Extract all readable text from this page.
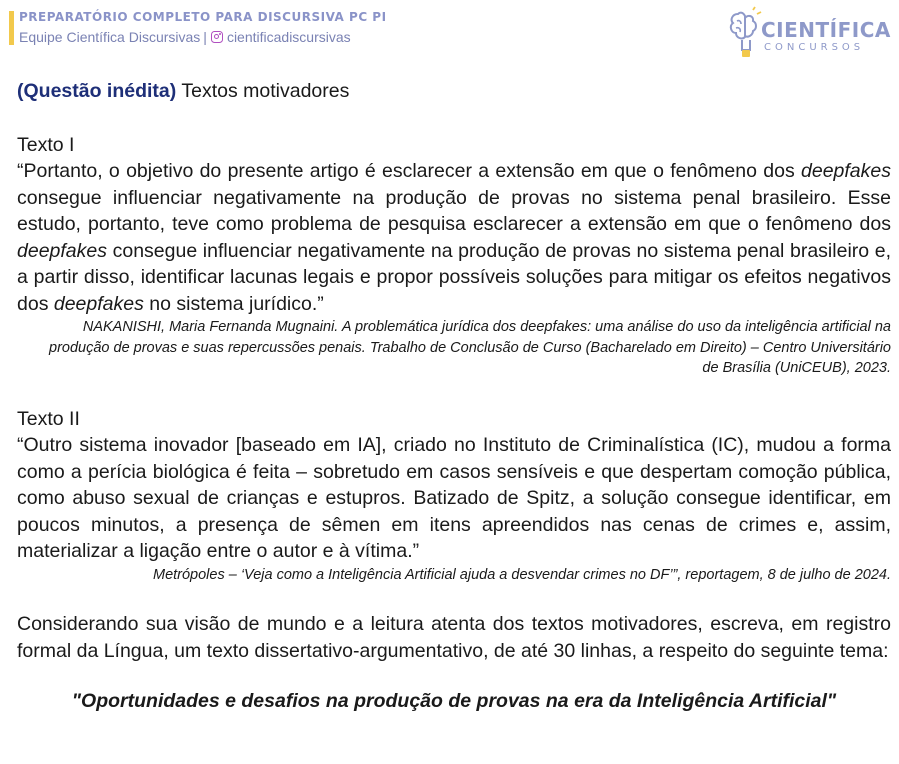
PREPARATÓRIO COMPLETO PARA DISCURSIVA PC PI
Equipe Científica Discursivas | cientificadiscursivas	CIENTÍFICA
CONCURSOS

(Questão inédita) Textos motivadores

Texto I

“Portanto, o objetivo do presente artigo é esclarecer a extensão em que o fenômeno dos deepfakes consegue influenciar negativamente na produção de provas no sistema penal brasileiro. Esse estudo, portanto, teve como problema de pesquisa esclarecer a extensão em que o fenômeno dos deepfakes consegue influenciar negativamente na produção de provas no sistema penal brasileiro e, a partir disso, identificar lacunas legais e propor possíveis soluções para mitigar os efeitos negativos dos deepfakes no sistema jurídico.”

NAKANISHI, Maria Fernanda Mugnaini. A problemática jurídica dos deepfakes: uma análise do uso da inteligência artificial na
produção de provas e suas repercussões penais. Trabalho de Conclusão de Curso (Bacharelado em Direito) – Centro Universitário
de Brasília (UniCEUB), 2023.

Texto II

“Outro sistema inovador [baseado em IA], criado no Instituto de Criminalística (IC), mudou a forma como a perícia biológica é feita – sobretudo em casos sensíveis e que despertam comoção pública, como abuso sexual de crianças e estupros. Batizado de Spitz, a solução consegue identificar, em poucos minutos, a presença de sêmen em itens apreendidos nas cenas de crimes e, assim, materializar a ligação entre o autor e à vítima.”

Metrópoles – ‘Veja como a Inteligência Artificial ajuda a desvendar crimes no DF’”, reportagem, 8 de julho de 2024.

Considerando sua visão de mundo e a leitura atenta dos textos motivadores, escreva, em registro formal da Língua, um texto dissertativo-argumentativo, de até 30 linhas, a respeito do seguinte tema:

"Oportunidades e desafios na produção de provas na era da Inteligência Artificial"
